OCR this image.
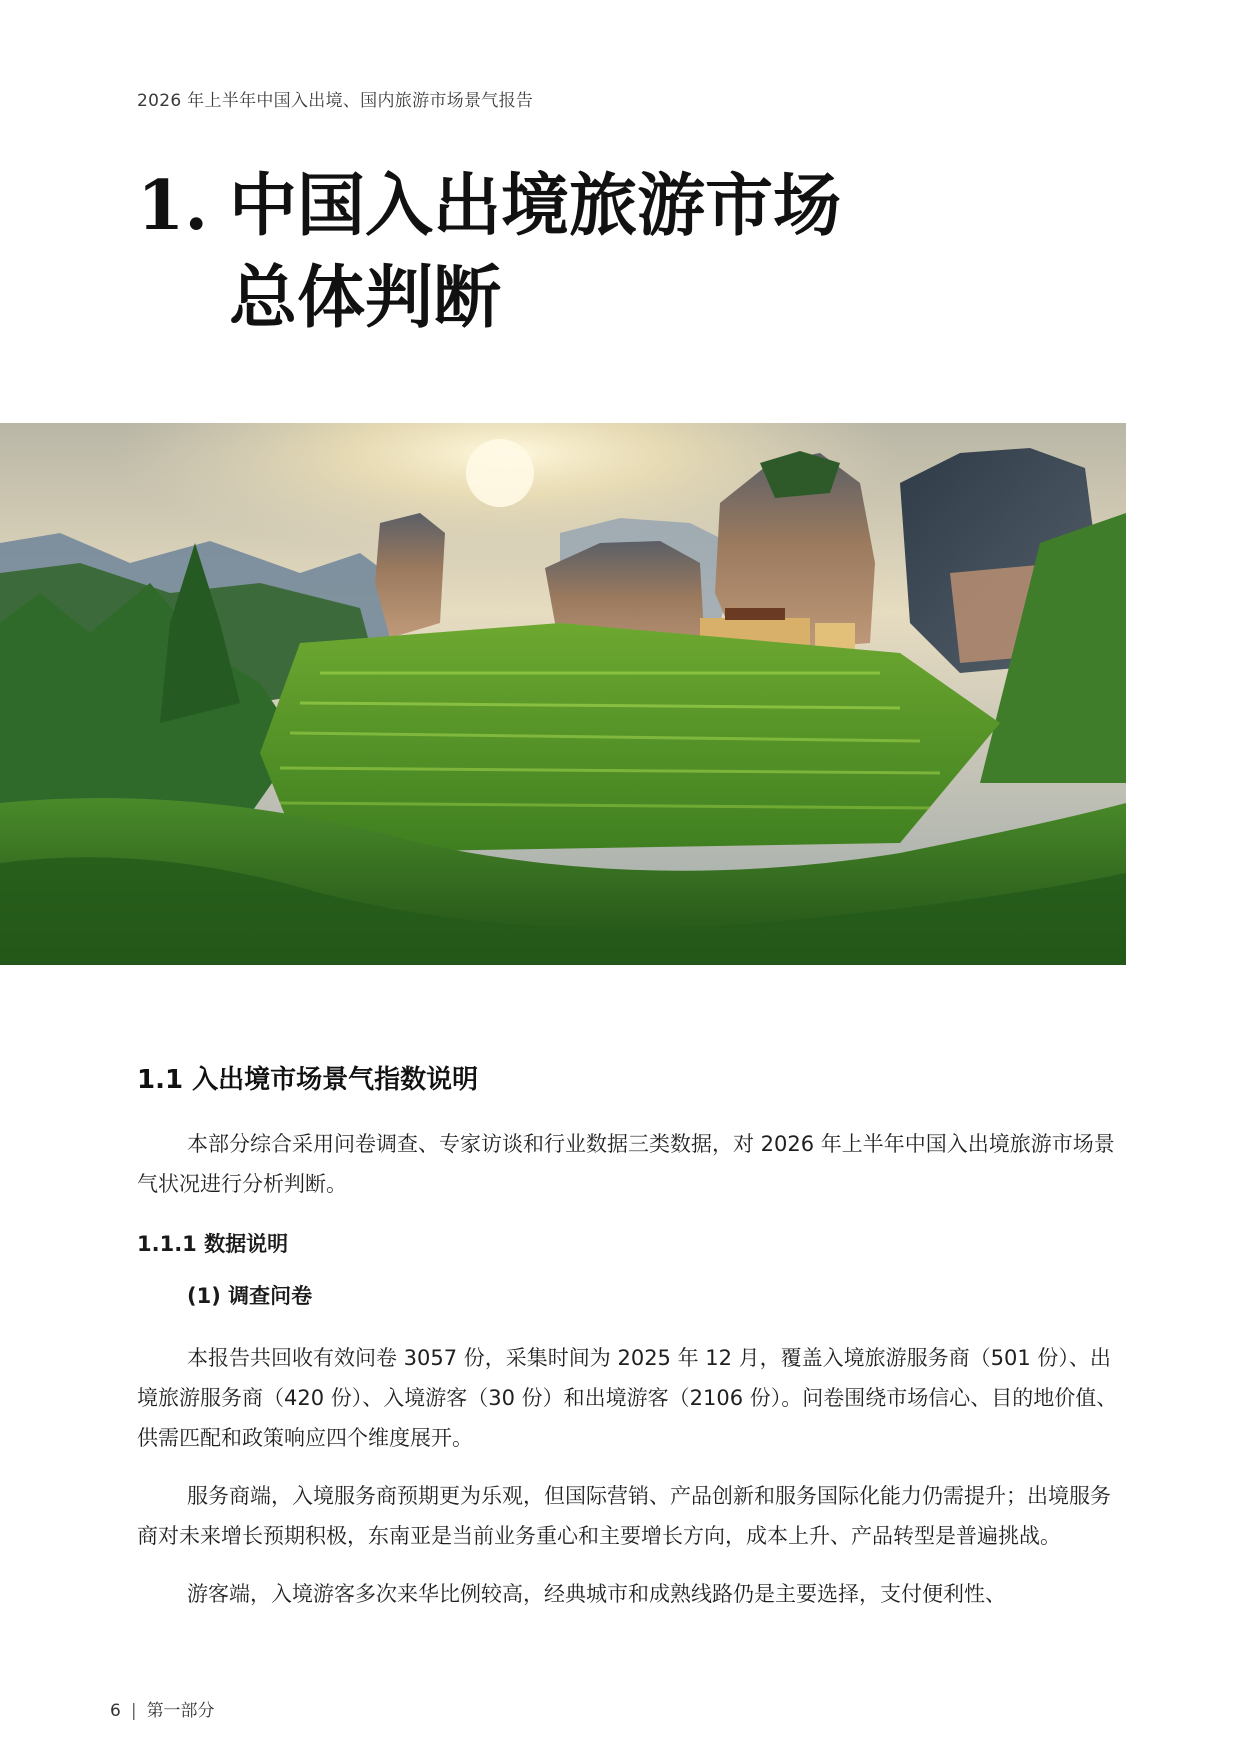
2026 年上半年中国入出境、国内旅游市场景气报告
1. 中国入出境旅游市场
总体判断
1.1 入出境市场景气指数说明

本部分综合采用问卷调查、专家访谈和行业数据三类数据，对 2026 年上半年中国入出境旅游市场景气状况进行分析判断。

1.1.1 数据说明
(1) 调查问卷

本报告共回收有效问卷 3057 份，采集时间为 2025 年 12 月，覆盖入境旅游服务商（501 份）、出境旅游服务商（420 份）、入境游客（30 份）和出境游客（2106 份）。问卷围绕市场信心、目的地价值、供需匹配和政策响应四个维度展开。

服务商端，入境服务商预期更为乐观，但国际营销、产品创新和服务国际化能力仍需提升；出境服务商对未来增长预期积极，东南亚是当前业务重心和主要增长方向，成本上升、产品转型是普遍挑战。

游客端，入境游客多次来华比例较高，经典城市和成熟线路仍是主要选择，支付便利性、

6 | 第一部分
